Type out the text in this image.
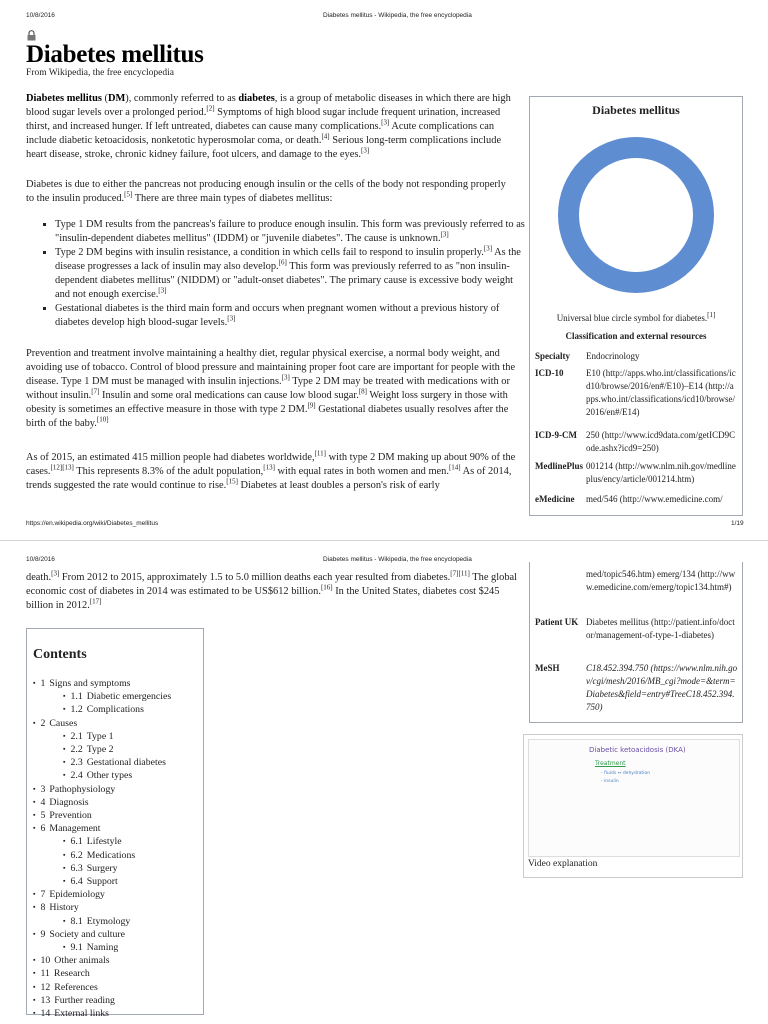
10/8/2016	Diabetes mellitus - Wikipedia, the free encyclopedia
Diabetes mellitus
From Wikipedia, the free encyclopedia
Diabetes mellitus (DM), commonly referred to as diabetes, is a group of metabolic diseases in which there are high blood sugar levels over a prolonged period.[2] Symptoms of high blood sugar include frequent urination, increased thirst, and increased hunger. If left untreated, diabetes can cause many complications.[3] Acute complications can include diabetic ketoacidosis, nonketotic hyperosmolar coma, or death.[4] Serious long-term complications include heart disease, stroke, chronic kidney failure, foot ulcers, and damage to the eyes.[3]
Diabetes is due to either the pancreas not producing enough insulin or the cells of the body not responding properly to the insulin produced.[5] There are three main types of diabetes mellitus:
▪ Type 1 DM results from the pancreas's failure to produce enough insulin. This form was previously referred to as "insulin-dependent diabetes mellitus" (IDDM) or "juvenile diabetes". The cause is unknown.[3]
▪ Type 2 DM begins with insulin resistance, a condition in which cells fail to respond to insulin properly.[3] As the disease progresses a lack of insulin may also develop.[6] This form was previously referred to as "non insulin-dependent diabetes mellitus" (NIDDM) or "adult-onset diabetes". The primary cause is excessive body weight and not enough exercise.[3]
▪ Gestational diabetes is the third main form and occurs when pregnant women without a previous history of diabetes develop high blood-sugar levels.[3]
Prevention and treatment involve maintaining a healthy diet, regular physical exercise, a normal body weight, and avoiding use of tobacco. Control of blood pressure and maintaining proper foot care are important for people with the disease. Type 1 DM must be managed with insulin injections.[3] Type 2 DM may be treated with medications with or without insulin.[7] Insulin and some oral medications can cause low blood sugar.[8] Weight loss surgery in those with obesity is sometimes an effective measure in those with type 2 DM.[9] Gestational diabetes usually resolves after the birth of the baby.[10]
As of 2015, an estimated 415 million people had diabetes worldwide,[11] with type 2 DM making up about 90% of the cases.[12][13] This represents 8.3% of the adult population,[13] with equal rates in both women and men.[14] As of 2014, trends suggested the rate would continue to rise.[15] Diabetes at least doubles a person's risk of early
Diabetes mellitus
Universal blue circle symbol for diabetes.[1]
Classification and external resources
Specialty	Endocrinology
ICD-10	E10 (http://apps.who.int/classifications/icd10/browse/2016/en#/E10)–E14 (http://apps.who.int/classifications/icd10/browse/2016/en#/E14)
ICD-9-CM	250 (http://www.icd9data.com/getICD9Code.ashx?icd9=250)
MedlinePlus 001214 (http://www.nlm.nih.gov/medlineplus/ency/article/001214.htm)
eMedicine	med/546 (http://www.emedicine.com/
https://en.wikipedia.org/wiki/Diabetes_mellitus	1/19
10/8/2016	Diabetes mellitus - Wikipedia, the free encyclopedia
death.[3] From 2012 to 2015, approximately 1.5 to 5.0 million deaths each year resulted from diabetes.[7][11] The global economic cost of diabetes in 2014 was estimated to be US$612 billion.[16] In the United States, diabetes cost $245 billion in 2012.[17]
med/topic546.htm) emerg/134 (http://www.emedicine.com/emerg/topic134.htm#)
Patient UK Diabetes mellitus (http://patient.info/doctor/management-of-type-1-diabetes)
MeSH	C18.452.394.750 (https://www.nlm.nih.gov/cgi/mesh/2016/MB_cgi?mode=&term=Diabetes&field=entry#TreeC18.452.394.750)
Contents
▪ 1 Signs and symptoms
▪ 1.1 Diabetic emergencies
▪ 1.2 Complications
▪ 2 Causes
▪ 2.1 Type 1
▪ 2.2 Type 2
▪ 2.3 Gestational diabetes
▪ 2.4 Other types
▪ 3 Pathophysiology
▪ 4 Diagnosis
▪ 5 Prevention
▪ 6 Management
▪ 6.1 Lifestyle
▪ 6.2 Medications
▪ 6.3 Surgery
▪ 6.4 Support
▪ 7 Epidemiology
▪ 8 History
▪ 8.1 Etymology
▪ 9 Society and culture
▪ 9.1 Naming
▪ 10 Other animals
▪ 11 Research
▪ 12 References
▪ 13 Further reading
▪ 14 External links
Diabetic ketoacidosis (DKA)
Treatment
- fluids ↔ dehydration
- insulin
Video explanation
